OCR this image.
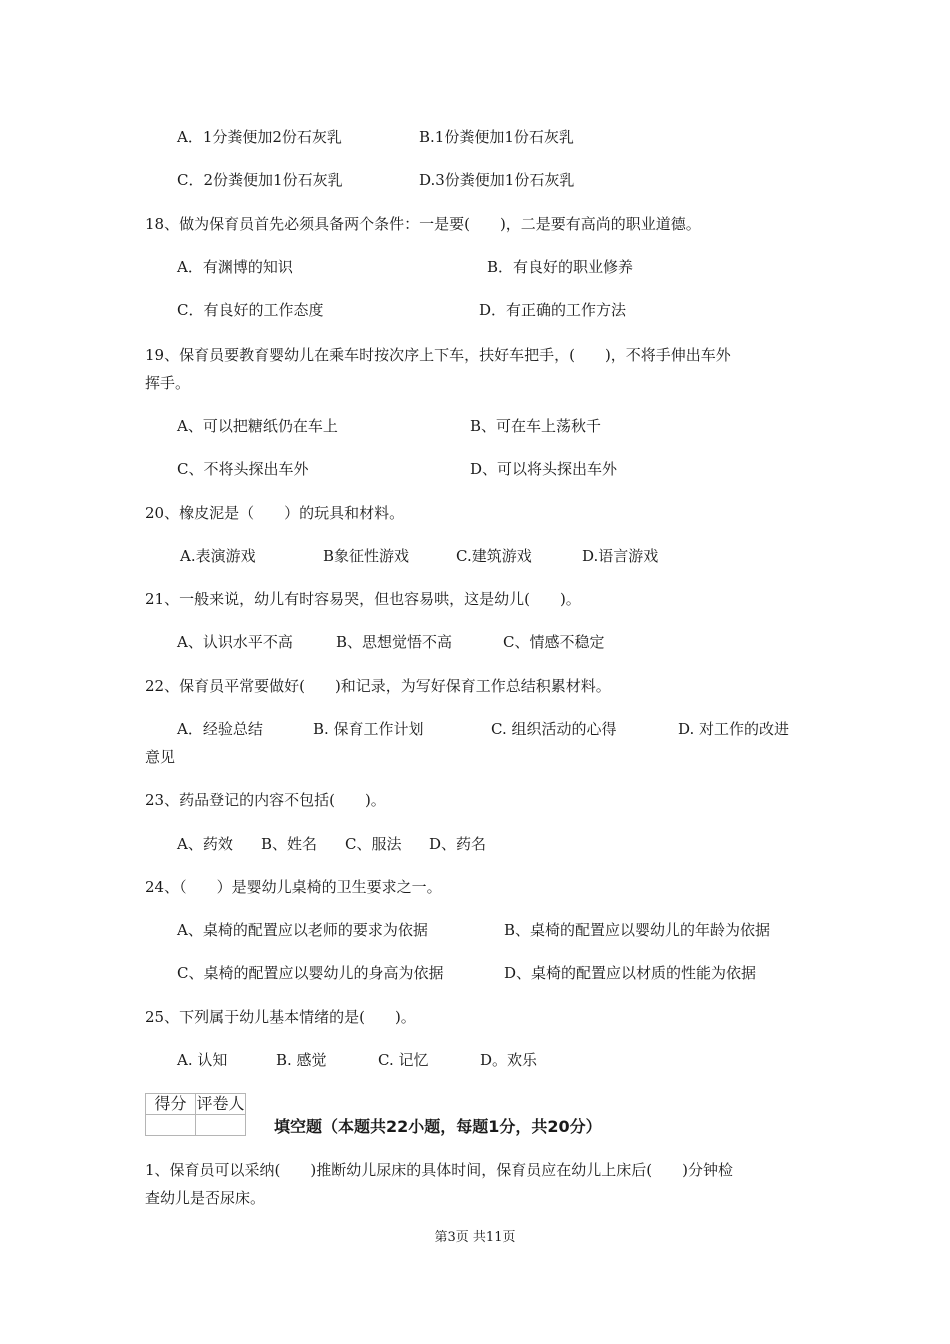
A．1分粪便加2份石灰乳	B.1份粪便加1份石灰乳
C．2份粪便加1份石灰乳	D.3份粪便加1份石灰乳
18、做为保育员首先必须具备两个条件：一是要(　　)，二是要有高尚的职业道德。
A．有渊博的知识	B．有良好的职业修养
C．有良好的工作态度	D．有正确的工作方法
19、保育员要教育婴幼儿在乘车时按次序上下车，扶好车把手，(　　)，不将手伸出车外
挥手。
A、可以把糖纸仍在车上	B、可在车上荡秋千
C、不将头探出车外	D、可以将头探出车外
20、橡皮泥是（　　）的玩具和材料。
A.表演游戏	B象征性游戏	C.建筑游戏	D.语言游戏
21、一般来说，幼儿有时容易哭，但也容易哄，这是幼儿(　　)。
A、认识水平不高	B、思想觉悟不高	C、情感不稳定
22、保育员平常要做好(　　)和记录，为写好保育工作总结积累材料。
A．经验总结	B. 保育工作计划	C. 组织活动的心得	D. 对工作的改进
意见
23、药品登记的内容不包括(　　)。
A、药效 B、姓名 C、服法 D、药名
24、（　　）是婴幼儿桌椅的卫生要求之一。
A、桌椅的配置应以老师的要求为依据	B、桌椅的配置应以婴幼儿的年龄为依据
C、桌椅的配置应以婴幼儿的身高为依据	D、桌椅的配置应以材质的性能为依据
25、下列属于幼儿基本情绪的是(　　)。
A. 认知	B. 感觉	C. 记忆	D。欢乐
得分	评卷人

填空题（本题共22小题，每题1分，共20分）
1、保育员可以采纳(　　)推断幼儿尿床的具体时间，保育员应在幼儿上床后(　　)分钟检
查幼儿是否尿床。
第3页 共11页
